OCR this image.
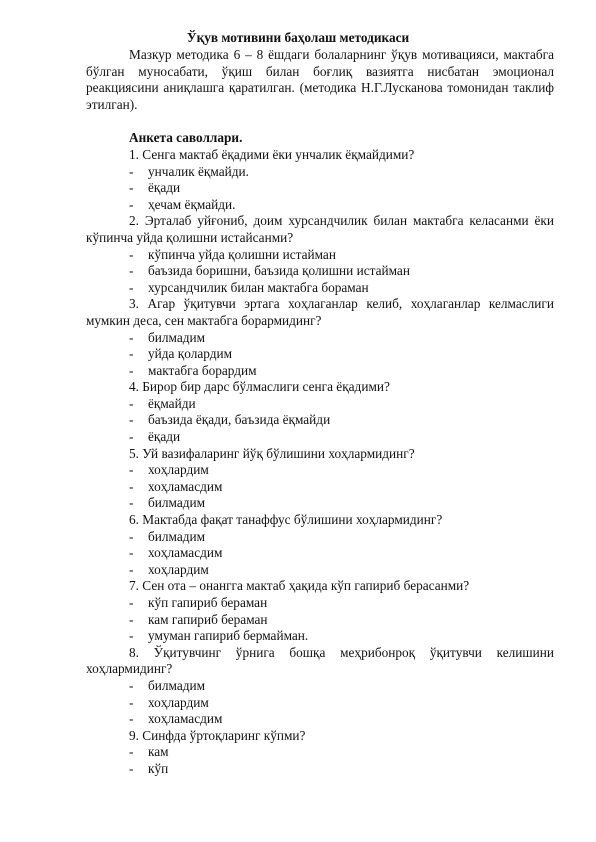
Ўқув мотивини баҳолаш методикаси

Мазкур методика 6 – 8 ёшдаги болаларнинг ўқув мотивацияси, мактабга бўлган муносабати, ўқиш билан боғлиқ вазиятга нисбатан эмоционал реакциясини аниқлашга қаратилган. (методика Н.Г.Лусканова томонидан таклиф этилган).

Анкета саволлари.

1. Сенга мактаб ёқадими ёки унчалик ёқмайдими?

- унчалик ёқмайди.
- ёқади
- ҳечам ёқмайди.

2. Эрталаб уйғониб, доим хурсандчилик билан мактабга келасанми ёки кўпинча уйда қолишни истайсанми?

- кўпинча уйда қолишни истайман
- баъзида боришни, баъзида қолишни истайман
- хурсандчилик билан мактабга бораман

3. Агар ўқитувчи эртага хоҳлаганлар келиб, хоҳлаганлар келмаслиги мумкин деса, сен мактабга борармидинг?

- билмадим
- уйда қолардим
- мактабга борардим

4. Бирор бир дарс бўлмаслиги сенга ёқадими?

- ёқмайди
- баъзида ёқади, баъзида ёқмайди
- ёқади

5. Уй вазифаларинг йўқ бўлишини хоҳлармидинг?

- хоҳлардим
- хоҳламасдим
- билмадим

6. Мактабда фақат танаффус бўлишини хоҳлармидинг?

- билмадим
- хоҳламасдим
- хоҳлардим

7. Сен ота – онангга мактаб ҳақида кўп гапириб берасанми?

- кўп гапириб бераман
- кам гапириб бераман
- умуман гапириб бермайман.

8. Ўқитувчинг ўрнига бошқа меҳрибонроқ ўқитувчи келишини хоҳлармидинг?

- билмадим
- хоҳлардим
- хоҳламасдим

9. Синфда ўртоқларинг кўпми?

- кам
- кўп
